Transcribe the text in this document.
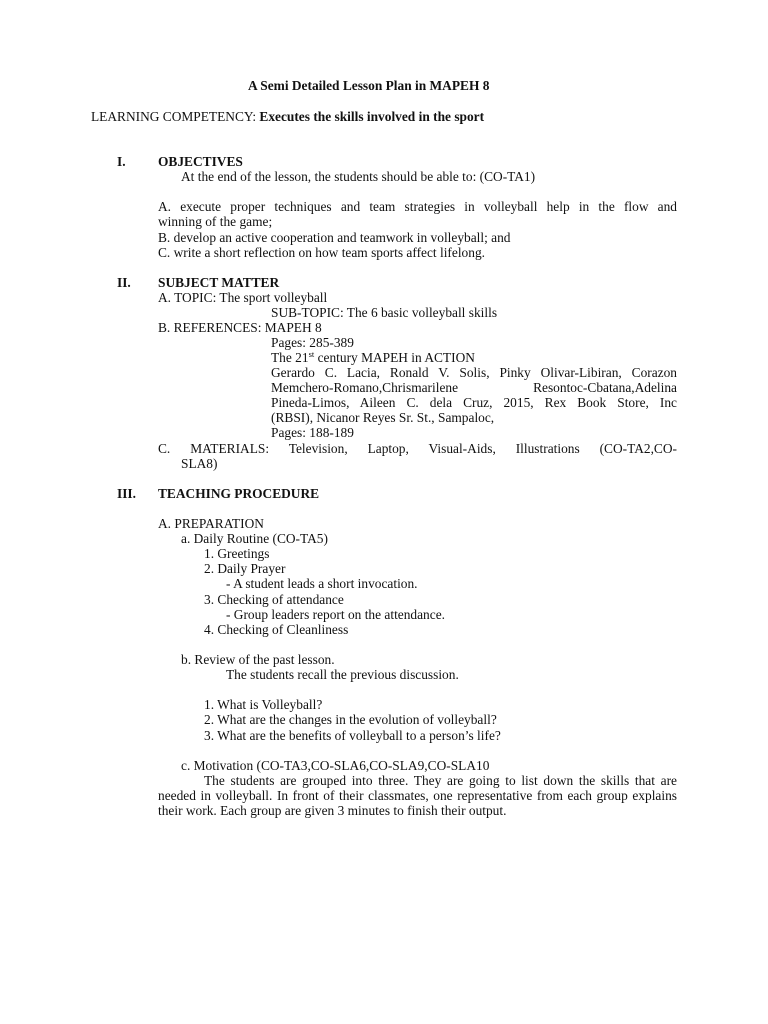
A Semi Detailed Lesson Plan in MAPEH 8
LEARNING COMPETENCY: Executes the skills involved in the sport
I. OBJECTIVES
At the end of the lesson, the students should be able to: (CO-TA1)
A. execute proper techniques and team strategies in volleyball help in the flow and
winning of the game;
B. develop an active cooperation and teamwork in volleyball; and
C. write a short reflection on how team sports affect lifelong.
II. SUBJECT MATTER
A. TOPIC: The sport volleyball
SUB-TOPIC: The 6 basic volleyball skills
B. REFERENCES: MAPEH 8
Pages: 285-389
The 21st century MAPEH in ACTION
Gerardo C. Lacia, Ronald V. Solis, Pinky Olivar-Libiran, Corazon
Memchero-Romano,Chrismarilene Resontoc-Cbatana,Adelina
Pineda-Limos, Aileen C. dela Cruz, 2015, Rex Book Store, Inc
(RBSI), Nicanor Reyes Sr. St., Sampaloc,
Pages: 188-189
C. MATERIALS: Television, Laptop, Visual-Aids, Illustrations (CO-TA2,CO-
SLA8)
III. TEACHING PROCEDURE
A. PREPARATION
a. Daily Routine (CO-TA5)
1. Greetings
2. Daily Prayer
- A student leads a short invocation.
3. Checking of attendance
- Group leaders report on the attendance.
4. Checking of Cleanliness
b. Review of the past lesson.
The students recall the previous discussion.
1. What is Volleyball?
2. What are the changes in the evolution of volleyball?
3. What are the benefits of volleyball to a person’s life?
c. Motivation (CO-TA3,CO-SLA6,CO-SLA9,CO-SLA10
The students are grouped into three. They are going to list down the skills that are needed in volleyball. In front of their classmates, one representative from each group explains their work. Each group are given 3 minutes to finish their output.
